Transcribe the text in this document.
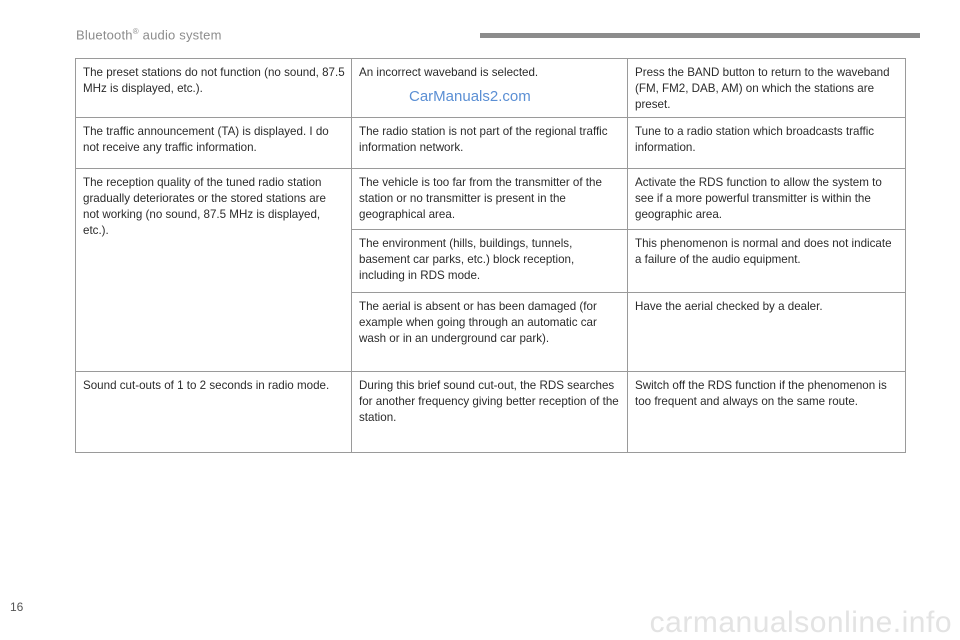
Bluetooth® audio system
The preset stations do not function (no sound, 87.5 MHz is displayed, etc.).	An incorrect waveband is selected.	Press the BAND button to return to the waveband (FM, FM2, DAB, AM) on which the stations are preset.
The traffic announcement (TA) is displayed. I do not receive any traffic information.	The radio station is not part of the regional traffic information network.	Tune to a radio station which broadcasts traffic information.
The reception quality of the tuned radio station gradually deteriorates or the stored stations are not working (no sound, 87.5 MHz is displayed, etc.).	The vehicle is too far from the transmitter of the station or no transmitter is present in the geographical area.	Activate the RDS function to allow the system to see if a more powerful transmitter is within the geographic area.
	The environment (hills, buildings, tunnels, basement car parks, etc.) block reception, including in RDS mode.	This phenomenon is normal and does not indicate a failure of the audio equipment.
	The aerial is absent or has been damaged (for example when going through an automatic car wash or in an underground car park).	Have the aerial checked by a dealer.
Sound cut-outs of 1 to 2 seconds in radio mode.	During this brief sound cut-out, the RDS searches for another frequency giving better reception of the station.	Switch off the RDS function if the phenomenon is too frequent and always on the same route.
CarManuals2.com
16	carmanualsonline.info
